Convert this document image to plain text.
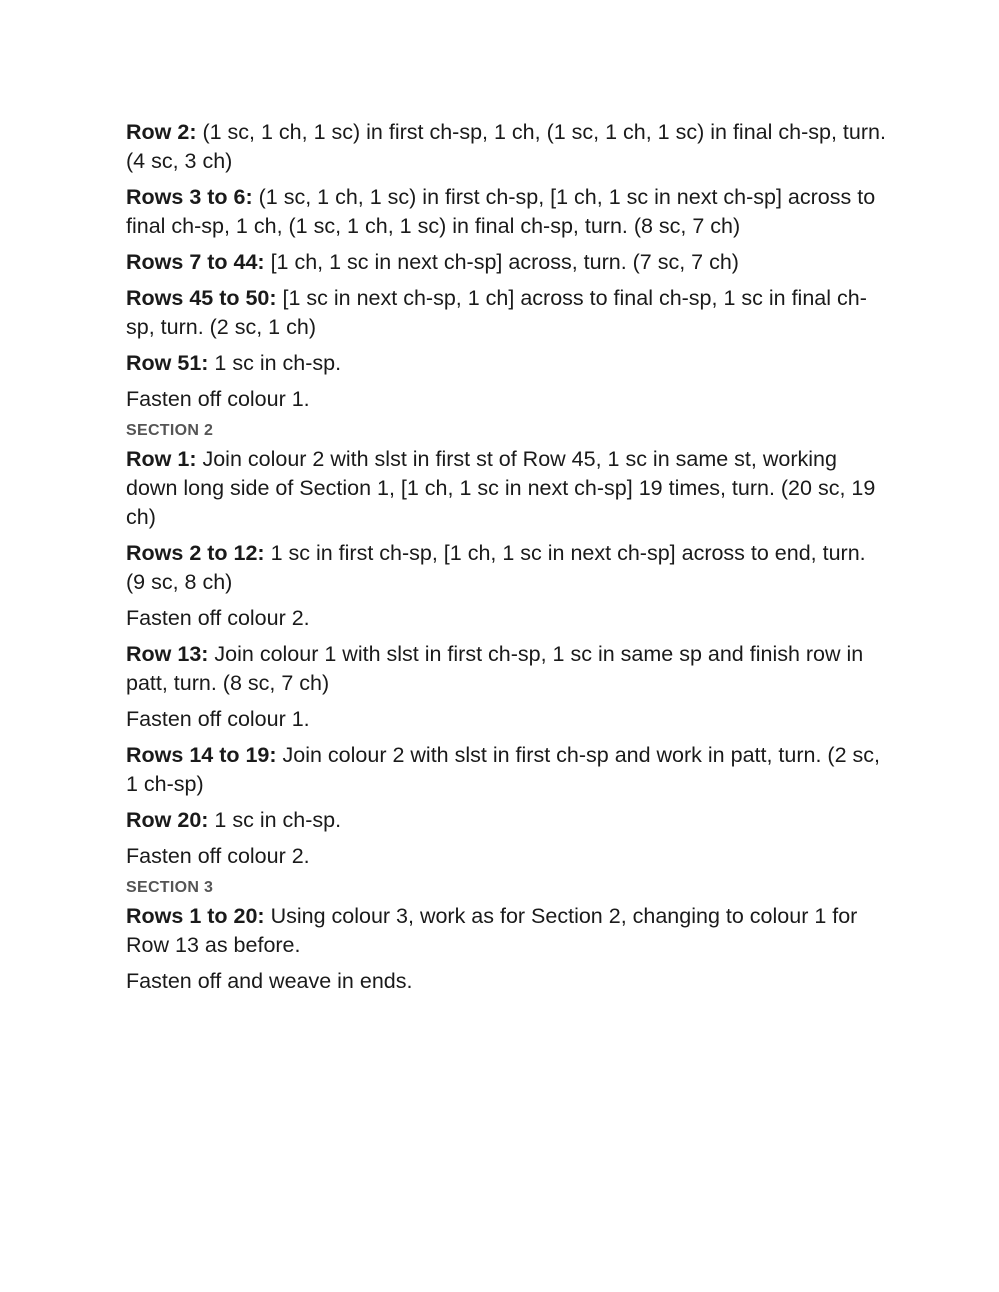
Row 2: (1 sc, 1 ch, 1 sc) in first ch-sp, 1 ch, (1 sc, 1 ch, 1 sc) in final ch-sp, turn. (4 sc, 3 ch)

Rows 3 to 6: (1 sc, 1 ch, 1 sc) in first ch-sp, [1 ch, 1 sc in next ch-sp] across to final ch-sp, 1 ch, (1 sc, 1 ch, 1 sc) in final ch-sp, turn. (8 sc, 7 ch)

Rows 7 to 44: [1 ch, 1 sc in next ch-sp] across, turn. (7 sc, 7 ch)

Rows 45 to 50: [1 sc in next ch-sp, 1 ch] across to final ch-sp, 1 sc in final ch-sp, turn. (2 sc, 1 ch)

Row 51: 1 sc in ch-sp.

Fasten off colour 1.

SECTION 2

Row 1: Join colour 2 with slst in first st of Row 45, 1 sc in same st, working down long side of Section 1, [1 ch, 1 sc in next ch-sp] 19 times, turn. (20 sc, 19 ch)

Rows 2 to 12: 1 sc in first ch-sp, [1 ch, 1 sc in next ch-sp] across to end, turn. (9 sc, 8 ch)

Fasten off colour 2.

Row 13: Join colour 1 with slst in first ch-sp, 1 sc in same sp and finish row in patt, turn. (8 sc, 7 ch)

Fasten off colour 1.

Rows 14 to 19: Join colour 2 with slst in first ch-sp and work in patt, turn. (2 sc, 1 ch-sp)

Row 20: 1 sc in ch-sp.

Fasten off colour 2.

SECTION 3

Rows 1 to 20: Using colour 3, work as for Section 2, changing to colour 1 for Row 13 as before.

Fasten off and weave in ends.
